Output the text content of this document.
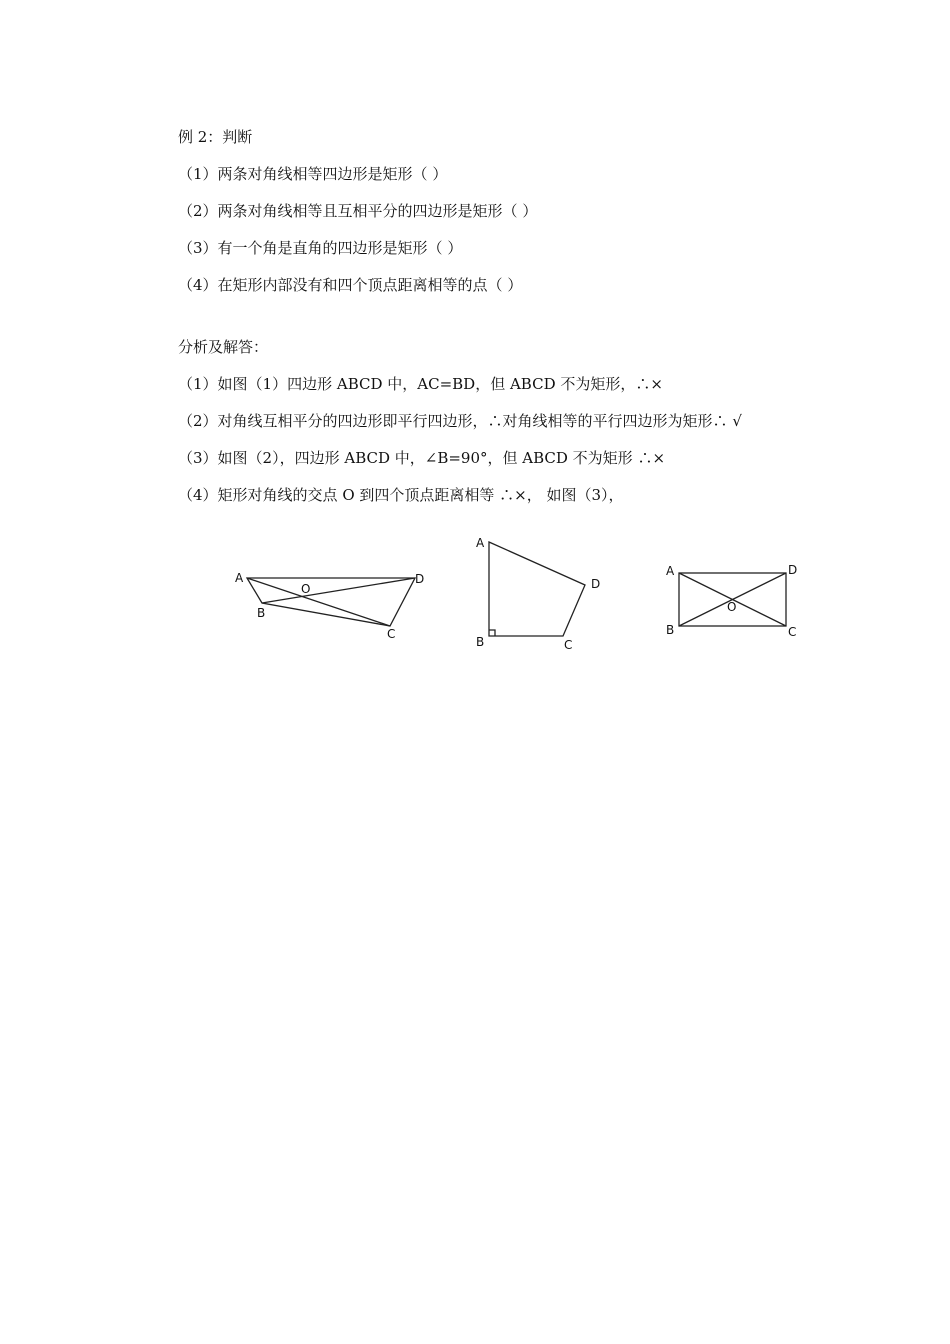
例 2：判断
（1）两条对角线相等四边形是矩形（ ）
（2）两条对角线相等且互相平分的四边形是矩形（ ）
（3）有一个角是直角的四边形是矩形（ ）
（4）在矩形内部没有和四个顶点距离相等的点（ ）
分析及解答：
（1）如图（1）四边形 ABCD 中，AC=BD，但 ABCD 不为矩形，∴×
（2）对角线互相平分的四边形即平行四边形，∴对角线相等的平行四边形为矩形∴ √
（3）如图（2），四边形 ABCD 中，∠B=90°，但 ABCD 不为矩形 ∴×
（4）矩形对角线的交点 O 到四个顶点距离相等 ∴×， 如图（3），
A
B
C
D
O
A
B	C
D
A
B	C
D
O
